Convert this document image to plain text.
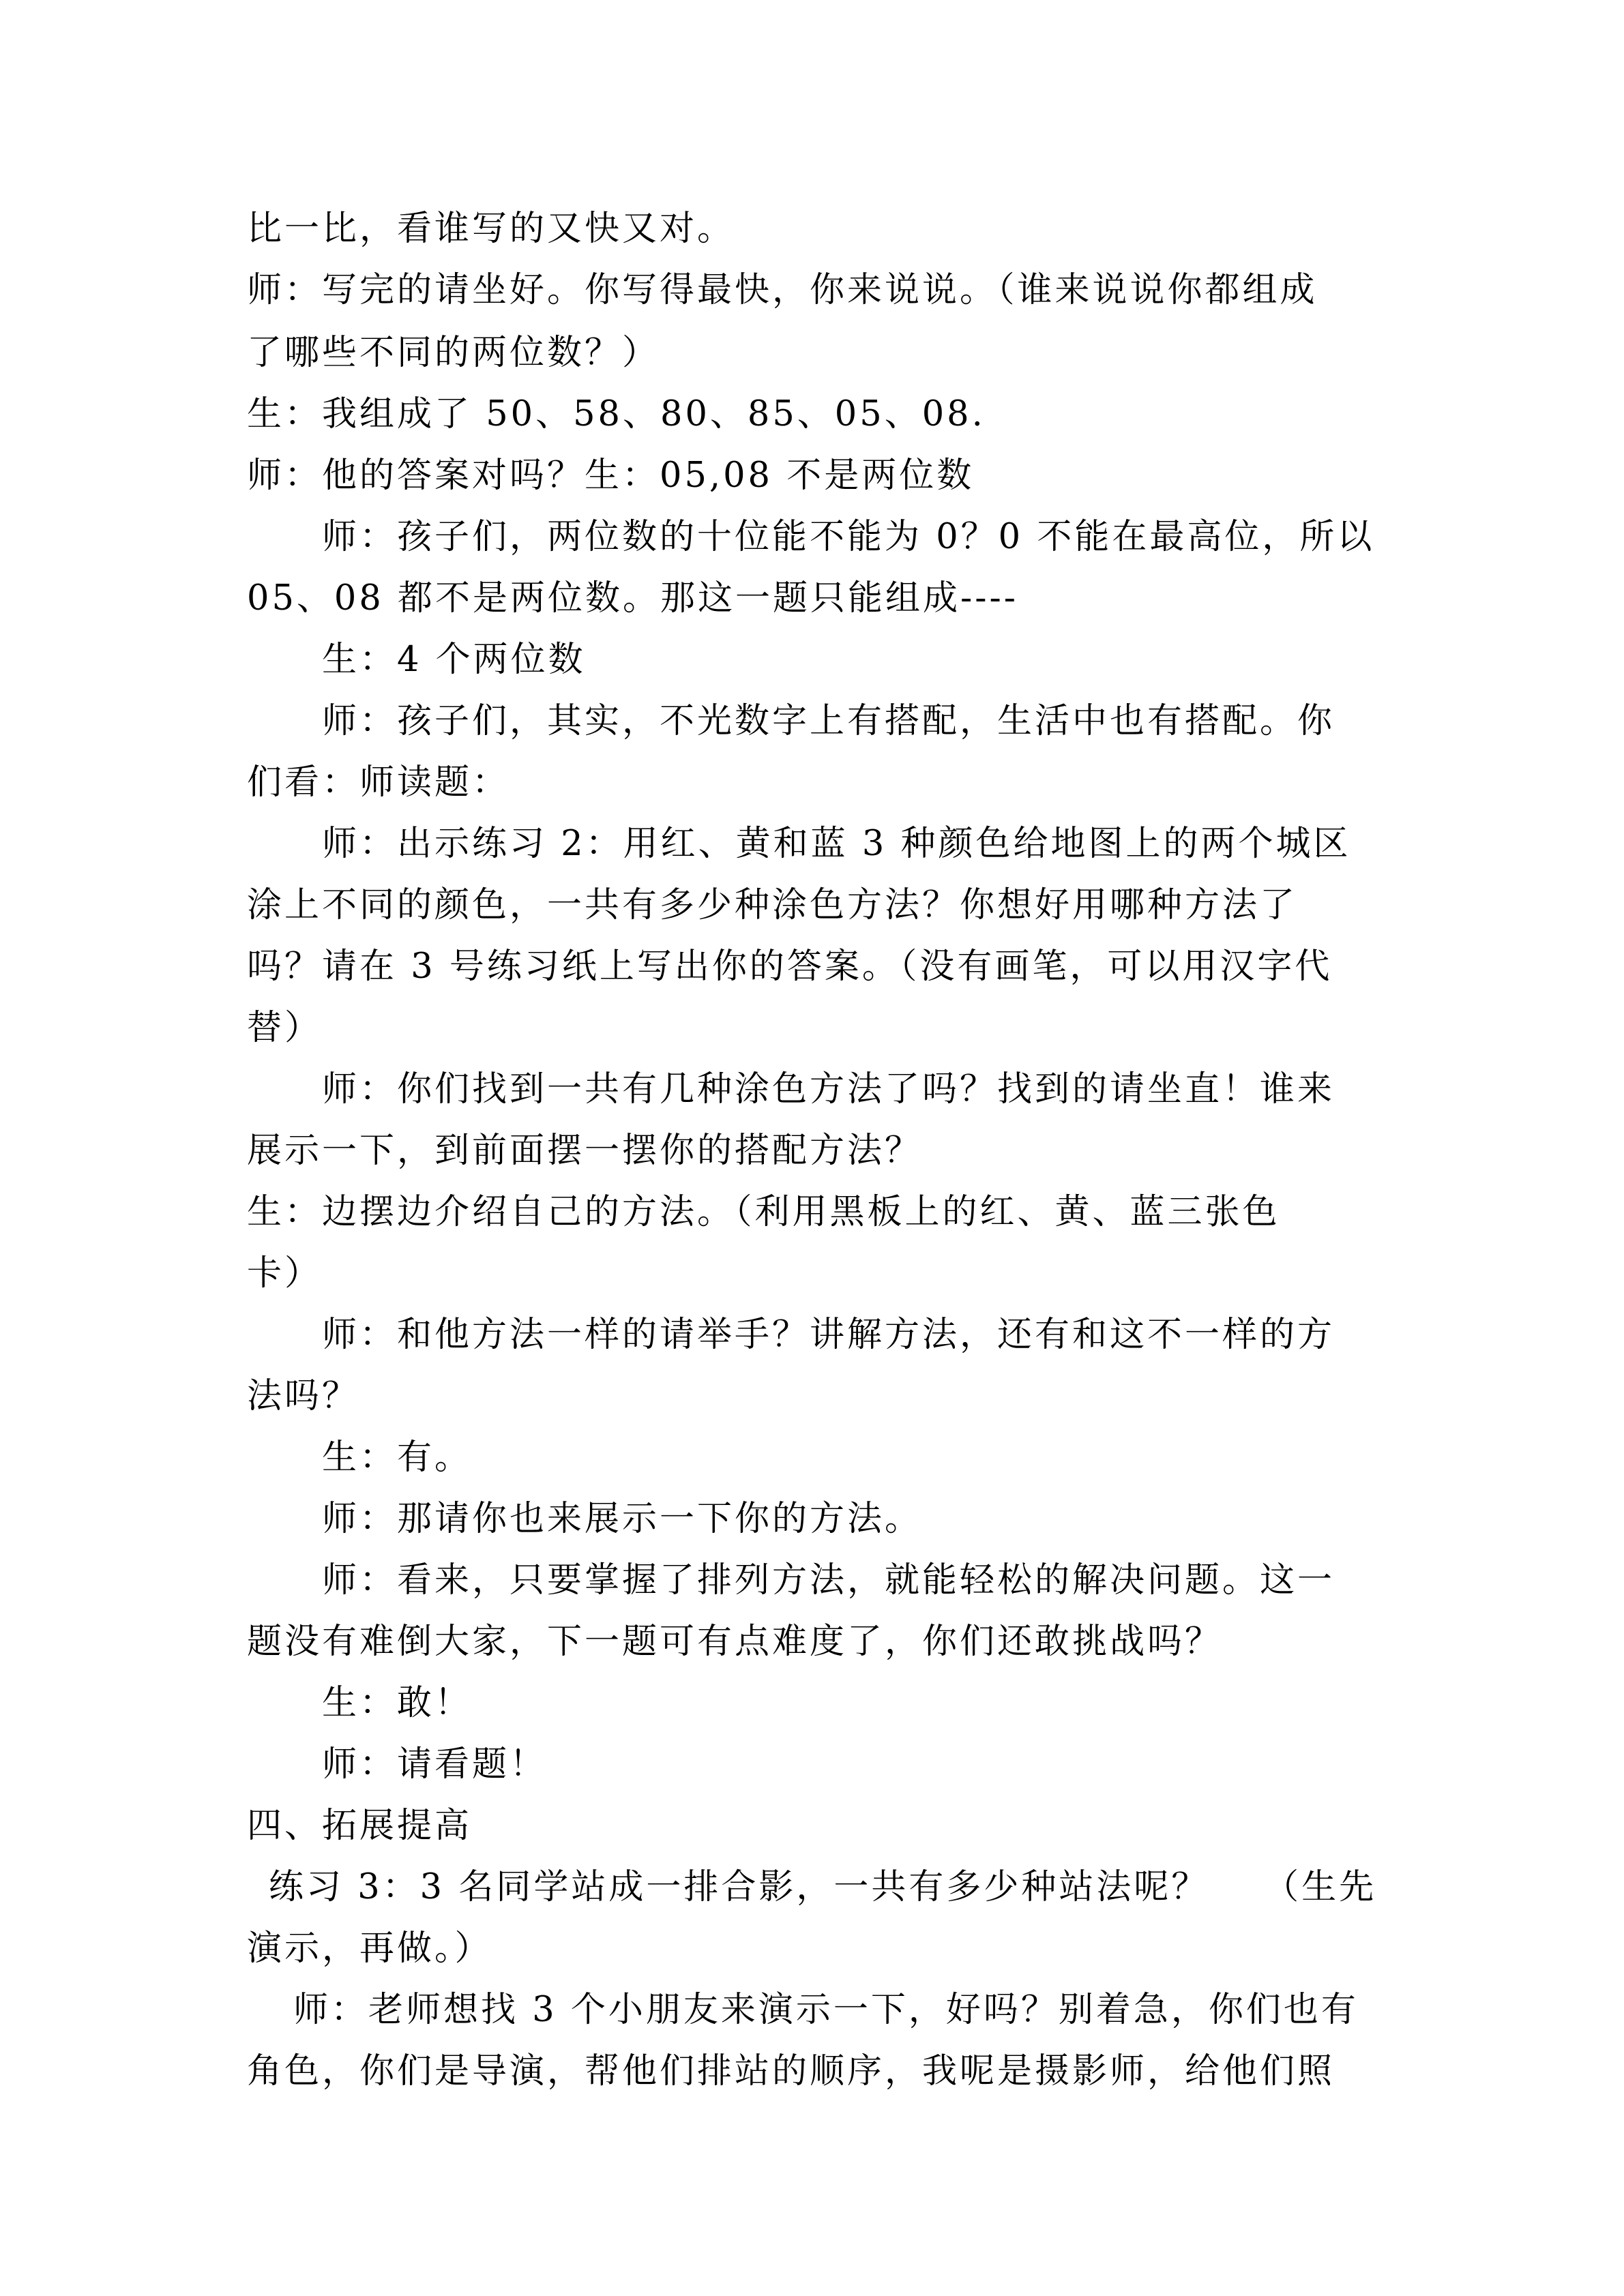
比一比，看谁写的又快又对。
师：写完的请坐好。你写得最快，你来说说。（谁来说说你都组成
了哪些不同的两位数？）
生：我组成了 50、58、80、85、05、08.
师：他的答案对吗？生：05,08 不是两位数
师：孩子们，两位数的十位能不能为 0？0 不能在最高位，所以
05、08 都不是两位数。那这一题只能组成----
生：4 个两位数
师：孩子们，其实，不光数字上有搭配，生活中也有搭配。你
们看：师读题：
师：出示练习 2：用红、黄和蓝 3 种颜色给地图上的两个城区
涂上不同的颜色，一共有多少种涂色方法？你想好用哪种方法了
吗？请在 3 号练习纸上写出你的答案。（没有画笔，可以用汉字代
替）
师：你们找到一共有几种涂色方法了吗？找到的请坐直！谁来
展示一下，到前面摆一摆你的搭配方法？
生：边摆边介绍自己的方法。（利用黑板上的红、黄、蓝三张色
卡）
师：和他方法一样的请举手？讲解方法，还有和这不一样的方
法吗？
生：有。
师：那请你也来展示一下你的方法。
师：看来，只要掌握了排列方法，就能轻松的解决问题。这一
题没有难倒大家，下一题可有点难度了，你们还敢挑战吗？
生：敢！
师：请看题！
四、拓展提高
练习 3：3 名同学站成一排合影，一共有多少种站法呢？    （生先
演示，再做。）
师：老师想找 3 个小朋友来演示一下，好吗？别着急，你们也有
角色，你们是导演，帮他们排站的顺序，我呢是摄影师，给他们照
